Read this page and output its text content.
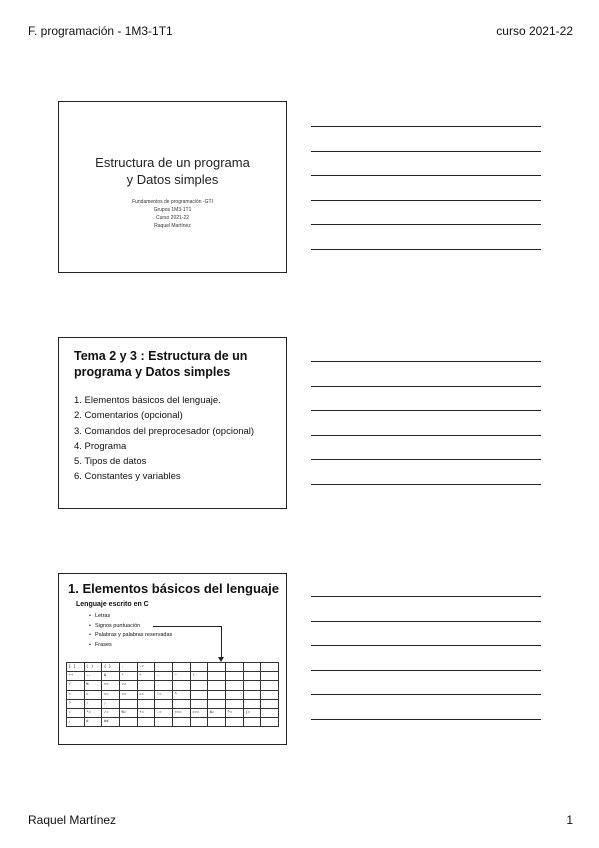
F. programación - 1M3-1T1	curso 2021-22
Estructura de un programa
y Datos simples
Fundamentos de programación -GTI
Grupos 1M3-1T1
Curso 2021-22
Raquel Martínez
Tema 2 y 3 : Estructura de un programa y Datos simples
1. Elementos básicos del lenguaje.
2. Comentarios (opcional)
3. Comandos del preprocesador (opcional)
4. Programa
5. Tipos de datos
6. Constantes y variables
1. Elementos básicos del lenguaje
Lenguaje escrito en C
• Letras
• Signos puntuación
• Palabras y palabras reservadas
• Frases
[ ]	( )	{ }	.	->							
++	--	&	*	+	-	~	!				
/	%	<<	>>								
<	>	<=	>=	==	!=	^					
?	:	;									
=	*=	/=	%=	+=	-=	<<=	>>=	&=	^=	|=	
,	#	##									
Raquel Martínez	1
